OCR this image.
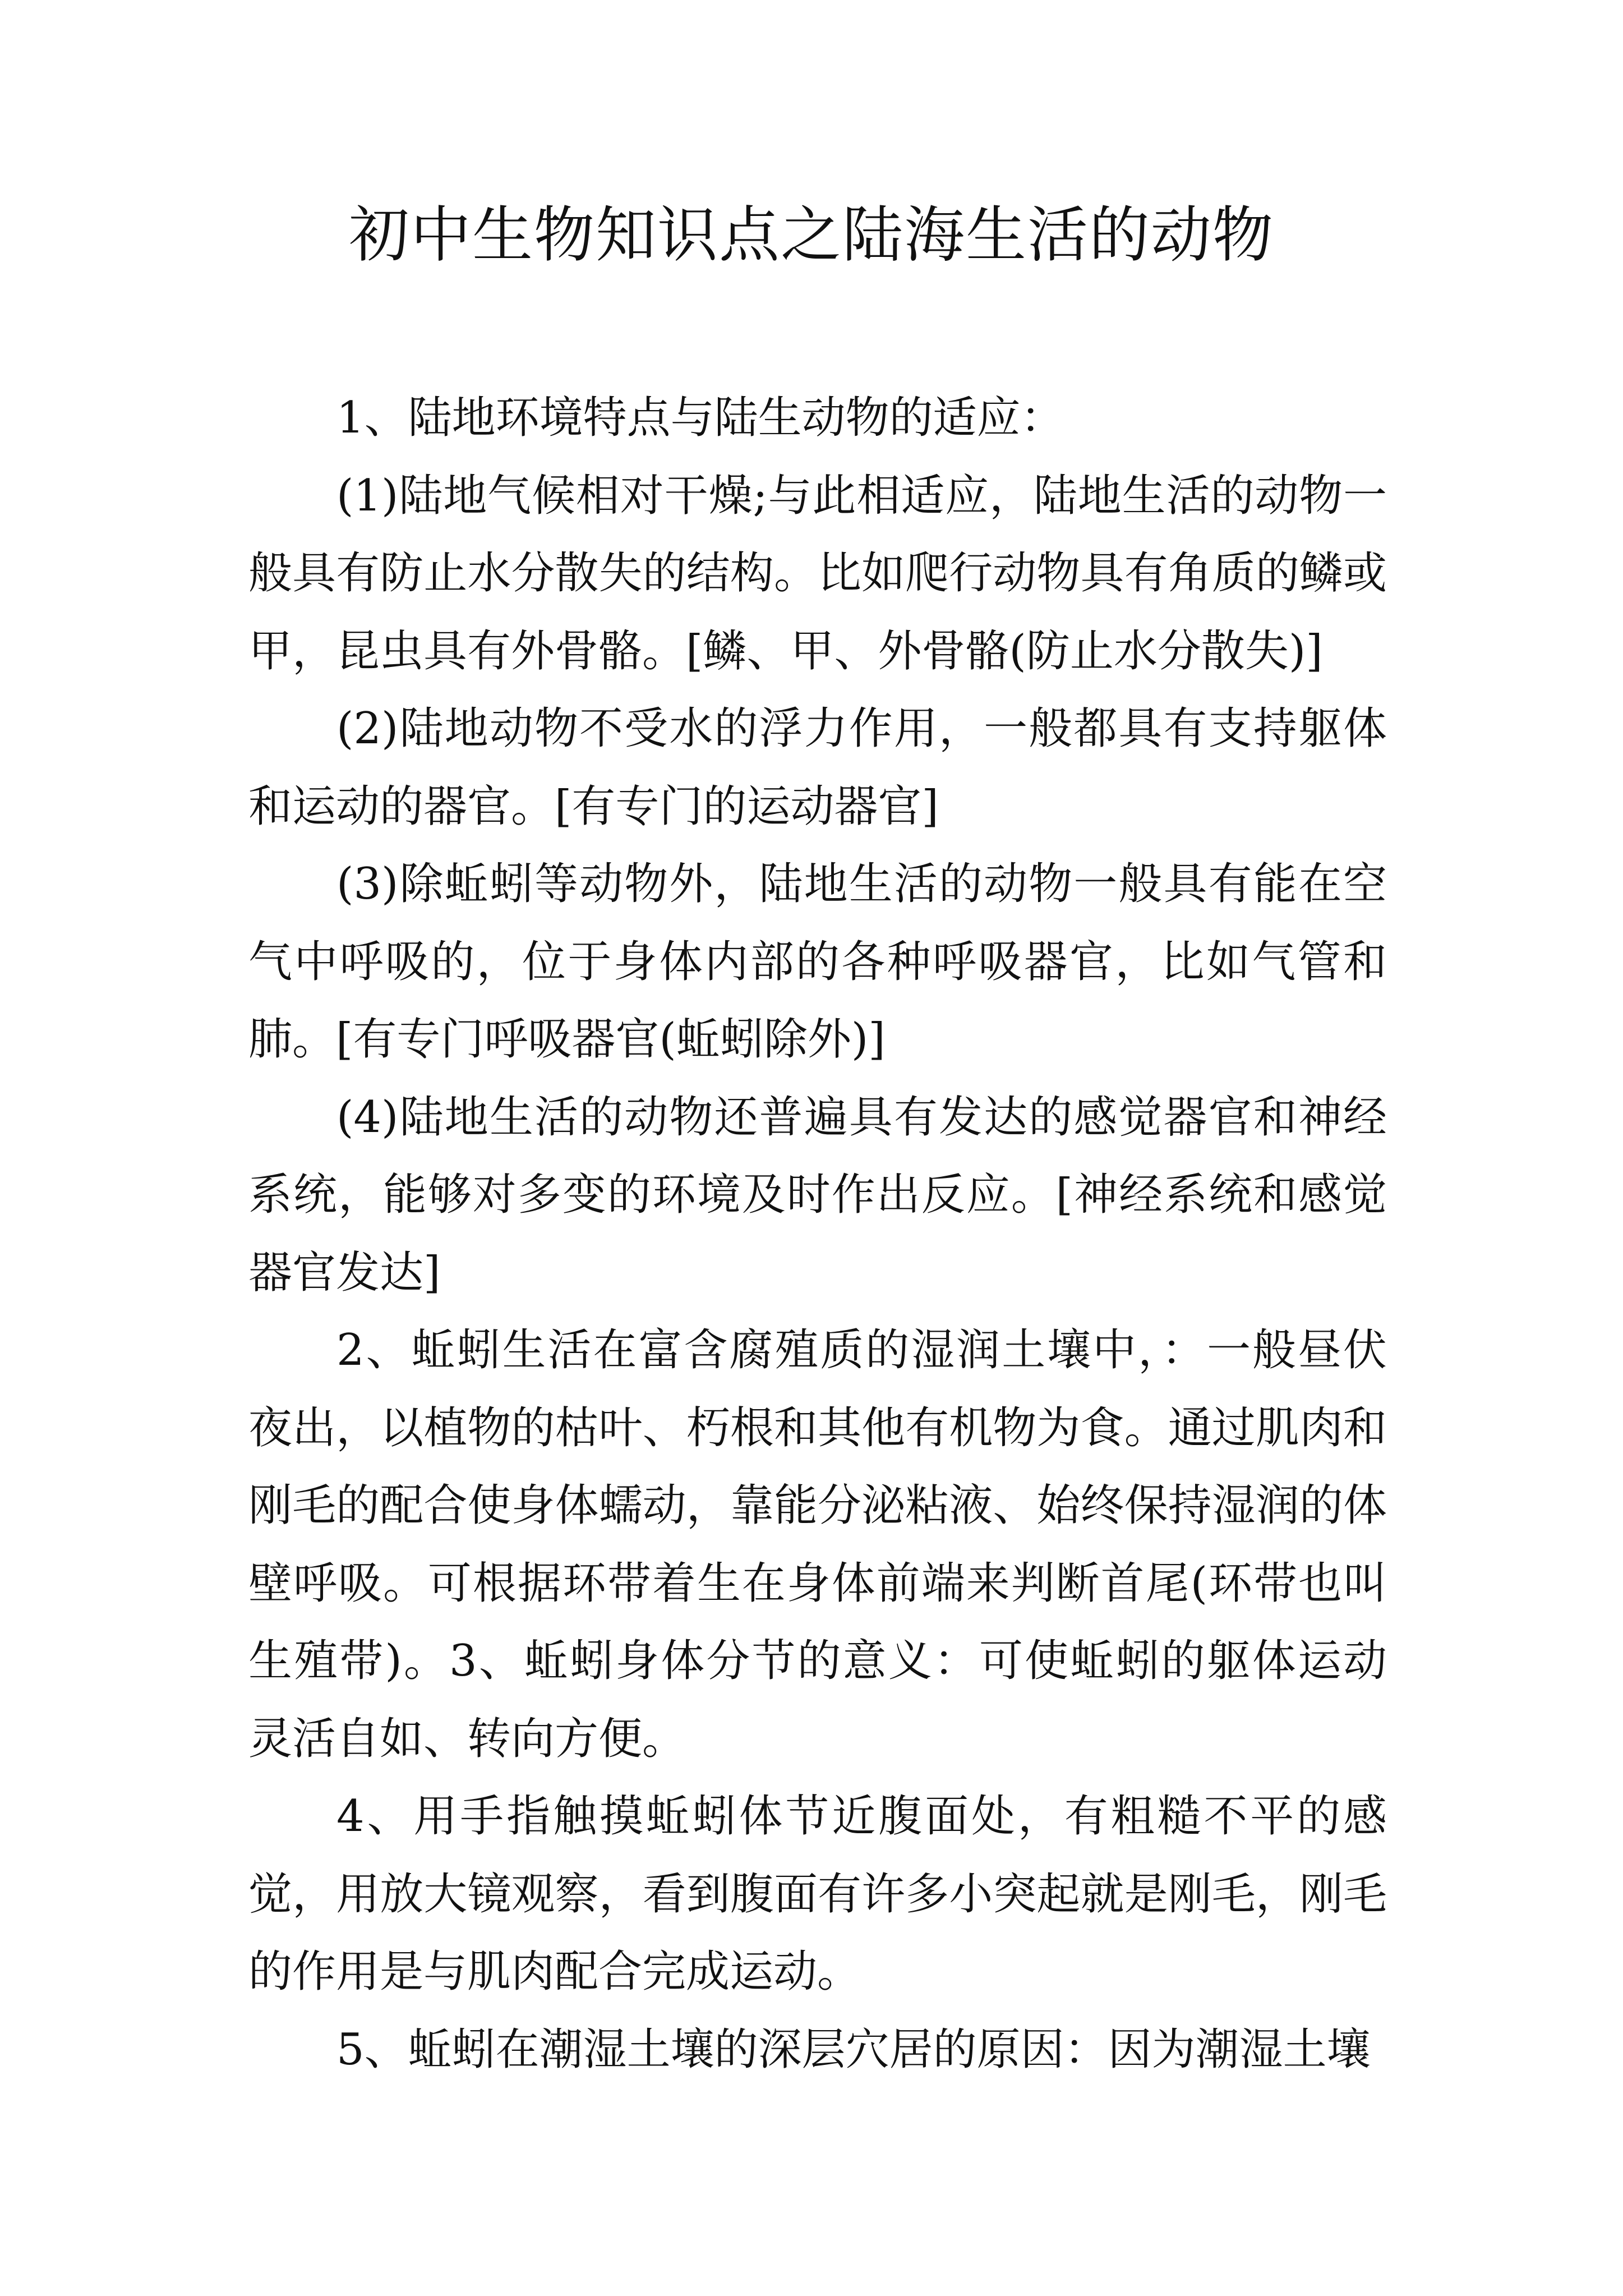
初中生物知识点之陆海生活的动物

1、陆地环境特点与陆生动物的适应：

(1)陆地气候相对干燥;与此相适应，陆地生活的动物一般具有防止水分散失的结构。比如爬行动物具有角质的鳞或甲，昆虫具有外骨骼。[鳞、甲、外骨骼(防止水分散失)]

(2)陆地动物不受水的浮力作用，一般都具有支持躯体和运动的器官。[有专门的运动器官]

(3)除蚯蚓等动物外，陆地生活的动物一般具有能在空气中呼吸的，位于身体内部的各种呼吸器官，比如气管和肺。[有专门呼吸器官(蚯蚓除外)]

(4)陆地生活的动物还普遍具有发达的感觉器官和神经系统，能够对多变的环境及时作出反应。[神经系统和感觉器官发达]

2、蚯蚓生活在富含腐殖质的湿润土壤中，：一般昼伏夜出，以植物的枯叶、朽根和其他有机物为食。通过肌肉和刚毛的配合使身体蠕动，靠能分泌粘液、始终保持湿润的体壁呼吸。可根据环带着生在身体前端来判断首尾(环带也叫生殖带)。3、蚯蚓身体分节的意义：可使蚯蚓的躯体运动灵活自如、转向方便。

4、用手指触摸蚯蚓体节近腹面处，有粗糙不平的感觉，用放大镜观察，看到腹面有许多小突起就是刚毛，刚毛的作用是与肌肉配合完成运动。

5、蚯蚓在潮湿土壤的深层穴居的原因：因为潮湿土壤
